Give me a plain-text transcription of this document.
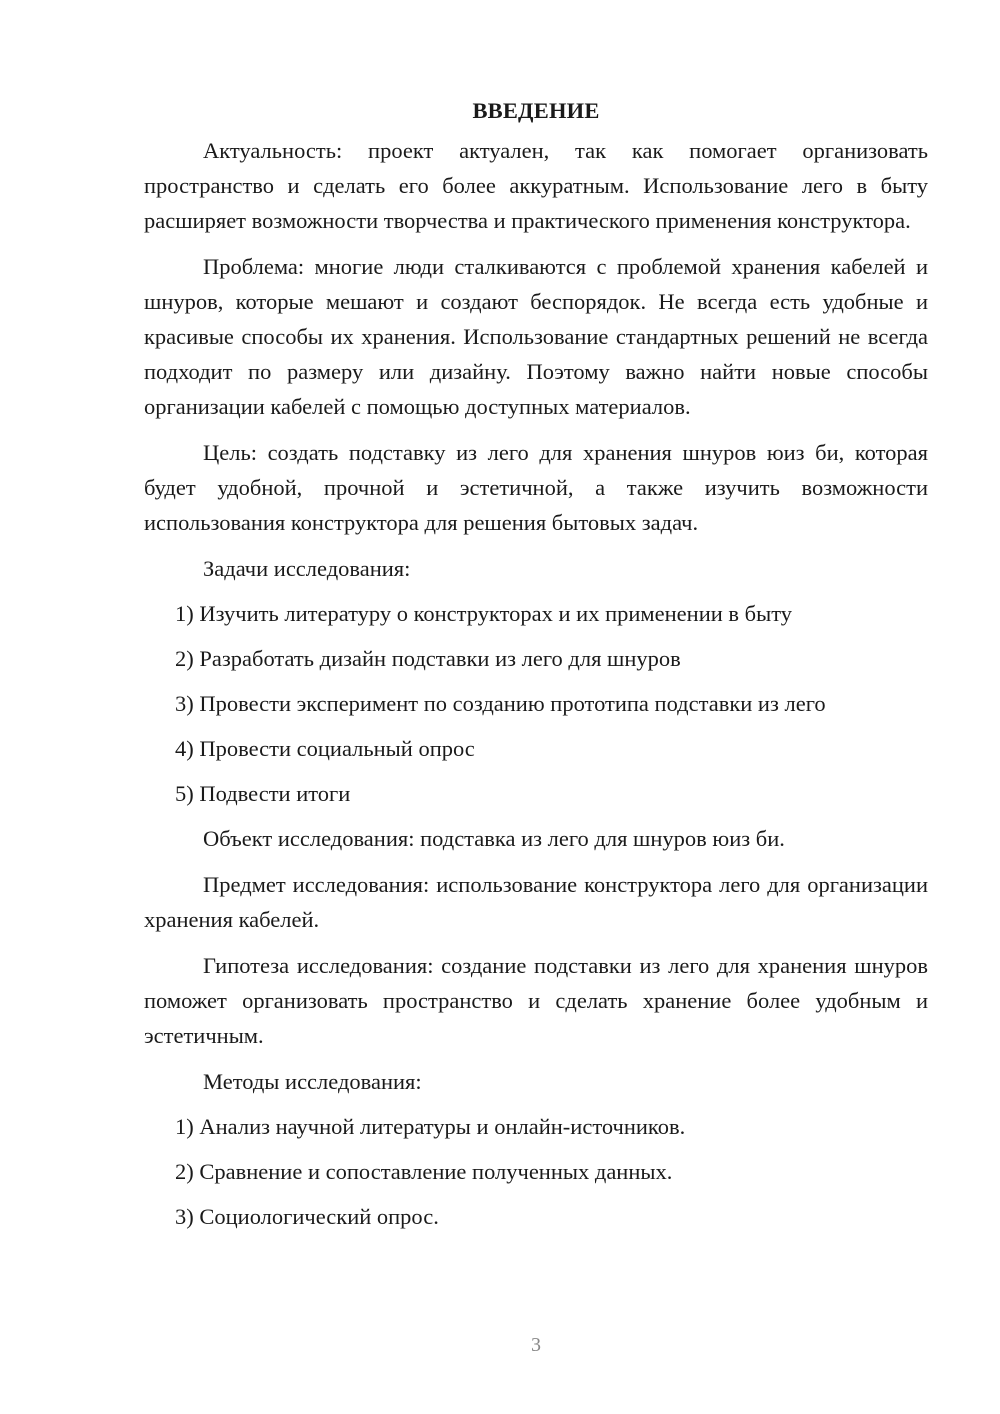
ВВЕДЕНИЕ

Актуальность: проект актуален, так как помогает организовать пространство и сделать его более аккуратным. Использование лего в быту расширяет возможности творчества и практического применения конструктора.

Проблема: многие люди сталкиваются с проблемой хранения кабелей и шнуров, которые мешают и создают беспорядок. Не всегда есть удобные и красивые способы их хранения. Использование стандартных решений не всегда подходит по размеру или дизайну. Поэтому важно найти новые способы организации кабелей с помощью доступных материалов.

Цель: создать подставку из лего для хранения шнуров юиз би, которая будет удобной, прочной и эстетичной, а также изучить возможности использования конструктора для решения бытовых задач.

Задачи исследования:
1) Изучить литературу о конструкторах и их применении в быту
2) Разработать дизайн подставки из лего для шнуров
3) Провести эксперимент по созданию прототипа подставки из лего
4) Провести социальный опрос
5) Подвести итоги

Объект исследования: подставка из лего для шнуров юиз би.

Предмет исследования: использование конструктора лего для организации хранения кабелей.

Гипотеза исследования: создание подставки из лего для хранения шнуров поможет организовать пространство и сделать хранение более удобным и эстетичным.

Методы исследования:
1) Анализ научной литературы и онлайн-источников.
2) Сравнение и сопоставление полученных данных.
3) Социологический опрос.
3
